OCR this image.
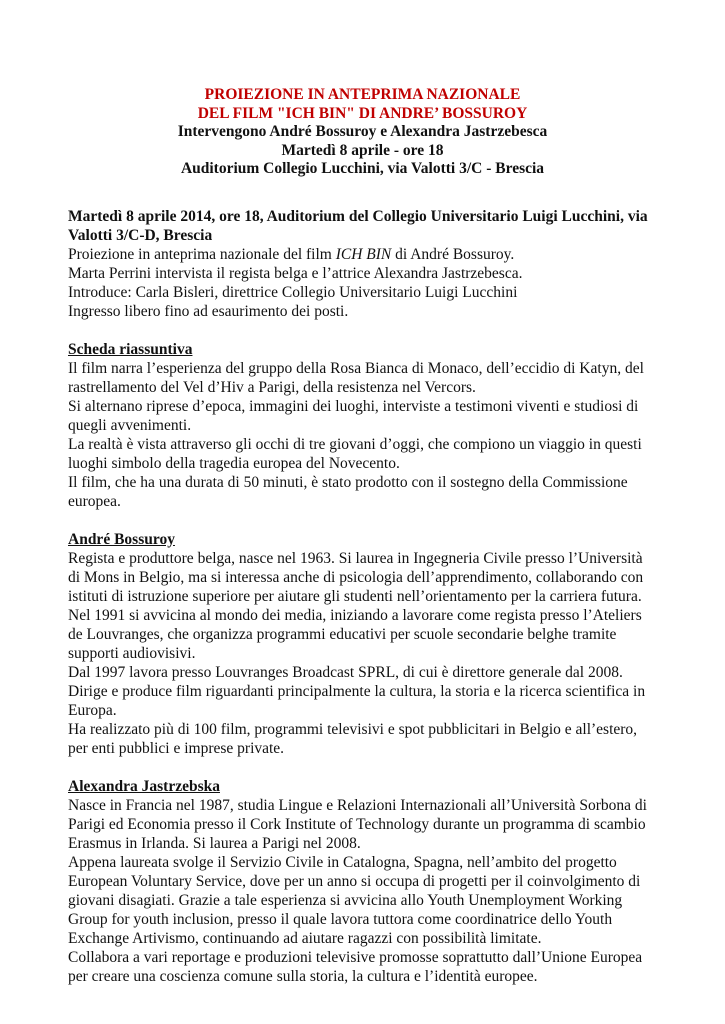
PROIEZIONE IN ANTEPRIMA NAZIONALE
DEL FILM "ICH BIN" DI ANDRE’ BOSSUROY
Intervengono André Bossuroy e Alexandra Jastrzebesca
Martedì 8 aprile - ore 18
Auditorium Collegio Lucchini, via Valotti 3/C - Brescia
Martedì 8 aprile 2014, ore 18, Auditorium del Collegio Universitario Luigi Lucchini, via Valotti 3/C-D, Brescia

Proiezione in anteprima nazionale del film ICH BIN di André Bossuroy.

Marta Perrini intervista il regista belga e l’attrice Alexandra Jastrzebesca.

Introduce: Carla Bisleri, direttrice Collegio Universitario Luigi Lucchini

Ingresso libero fino ad esaurimento dei posti.

Scheda riassuntiva

Il film narra l’esperienza del gruppo della Rosa Bianca di Monaco, dell’eccidio di Katyn, del rastrellamento del Vel d’Hiv a Parigi, della resistenza nel Vercors.

Si alternano riprese d’epoca, immagini dei luoghi, interviste a testimoni viventi e studiosi di quegli avvenimenti.

La realtà è vista attraverso gli occhi di tre giovani d’oggi, che compiono un viaggio in questi luoghi simbolo della tragedia europea del Novecento.

Il film, che ha una durata di 50 minuti, è stato prodotto con il sostegno della Commissione europea.

André Bossuroy

Regista e produttore belga, nasce nel 1963. Si laurea in Ingegneria Civile presso l’Università di Mons in Belgio, ma si interessa anche di psicologia dell’apprendimento, collaborando con istituti di istruzione superiore per aiutare gli studenti nell’orientamento per la carriera futura.

Nel 1991 si avvicina al mondo dei media, iniziando a lavorare come regista presso l’Ateliers de Louvranges, che organizza programmi educativi per scuole secondarie belghe tramite supporti audiovisivi.

Dal 1997 lavora presso Louvranges Broadcast SPRL, di cui è direttore generale dal 2008.

Dirige e produce film riguardanti principalmente la cultura, la storia e la ricerca scientifica in Europa.

Ha realizzato più di 100 film, programmi televisivi e spot pubblicitari in Belgio e all’estero, per enti pubblici e imprese private.

Alexandra Jastrzebska

Nasce in Francia nel 1987, studia Lingue e Relazioni Internazionali all’Università Sorbona di Parigi ed Economia presso il Cork Institute of Technology durante un programma di scambio Erasmus in Irlanda. Si laurea a Parigi nel 2008.

Appena laureata svolge il Servizio Civile in Catalogna, Spagna, nell’ambito del progetto European Voluntary Service, dove per un anno si occupa di progetti per il coinvolgimento di giovani disagiati. Grazie a tale esperienza si avvicina allo Youth Unemployment Working Group for youth inclusion, presso il quale lavora tuttora come coordinatrice dello Youth Exchange Artivismo, continuando ad aiutare ragazzi con possibilità limitate.

Collabora a vari reportage e produzioni televisive promosse soprattutto dall’Unione Europea per creare una coscienza comune sulla storia, la cultura e l’identità europee.
